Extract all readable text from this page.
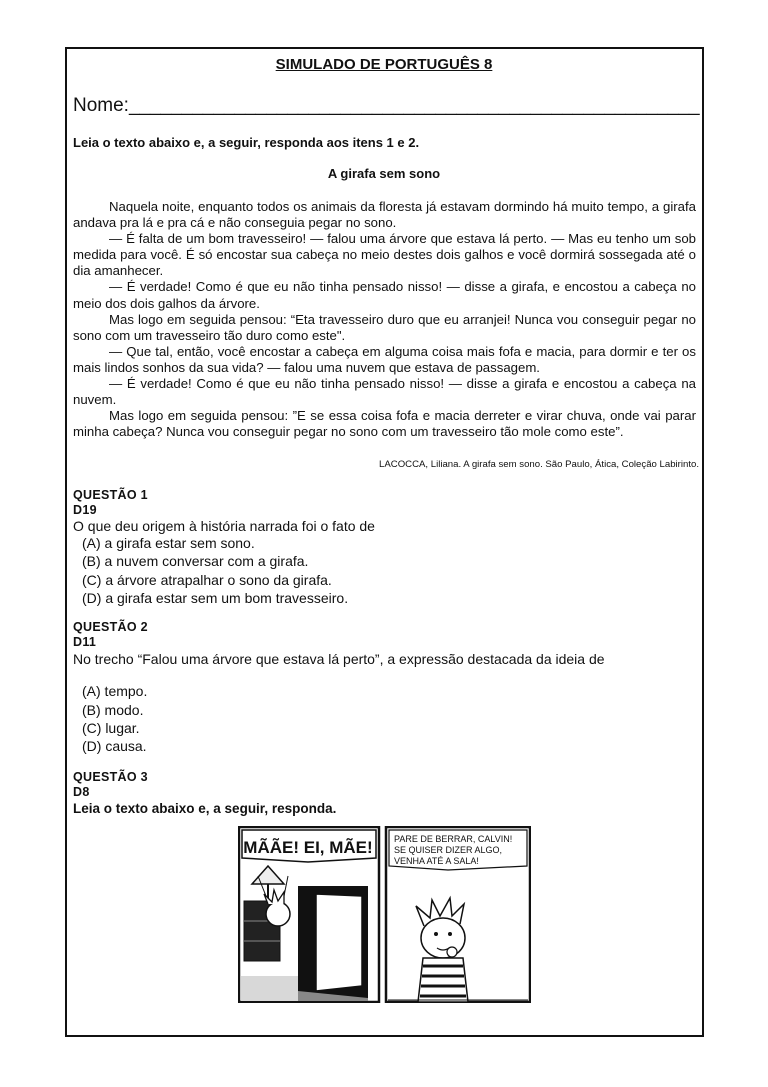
SIMULADO DE PORTUGUÊS 8
Nome:______________________________________________________
Leia o texto abaixo e, a seguir, responda aos itens 1 e 2.
A girafa sem sono

Naquela noite, enquanto todos os animais da floresta já estavam dormindo há muito tempo, a girafa andava pra lá e pra cá e não conseguia pegar no sono.

— É falta de um bom travesseiro! — falou uma árvore que estava lá perto. — Mas eu tenho um sob medida para você. É só encostar sua cabeça no meio destes dois galhos e você dormirá sossegada até o dia amanhecer.

— É verdade! Como é que eu não tinha pensado nisso! — disse a girafa, e encostou a cabeça no meio dos dois galhos da árvore.

Mas logo em seguida pensou: “Eta travesseiro duro que eu arranjei! Nunca vou conseguir pegar no sono com um travesseiro tão duro como este".

— Que tal, então, você encostar a cabeça em alguma coisa mais fofa e macia, para dormir e ter os mais lindos sonhos da sua vida? — falou uma nuvem que estava de passagem.

— É verdade! Como é que eu não tinha pensado nisso! — disse a girafa e encostou a cabeça na nuvem.

Mas logo em seguida pensou: ”E se essa coisa fofa e macia derreter e virar chuva, onde vai parar minha cabeça? Nunca vou conseguir pegar no sono com um travesseiro tão mole como este”.

LACOCCA, Liliana. A girafa sem sono. São Paulo, Ática, Coleção Labirinto.
QUESTÃO 1
D19
O que deu origem à história narrada foi o fato de
(A) a girafa estar sem sono.
(B) a nuvem conversar com a girafa.
(C) a árvore atrapalhar o sono da girafa.
(D) a girafa estar sem um bom travesseiro.
QUESTÃO 2
D11
No trecho “Falou uma árvore que estava lá perto”, a expressão destacada da ideia de
(A) tempo.
(B) modo.
(C) lugar.
(D) causa.
QUESTÃO 3
D8
Leia o texto abaixo e, a seguir, responda.
MÃÃE! EI, MÃE! PARE DE BERRAR, CALVIN!
SE QUISER DIZER ALGO,
VENHA ATÉ A SALA!
